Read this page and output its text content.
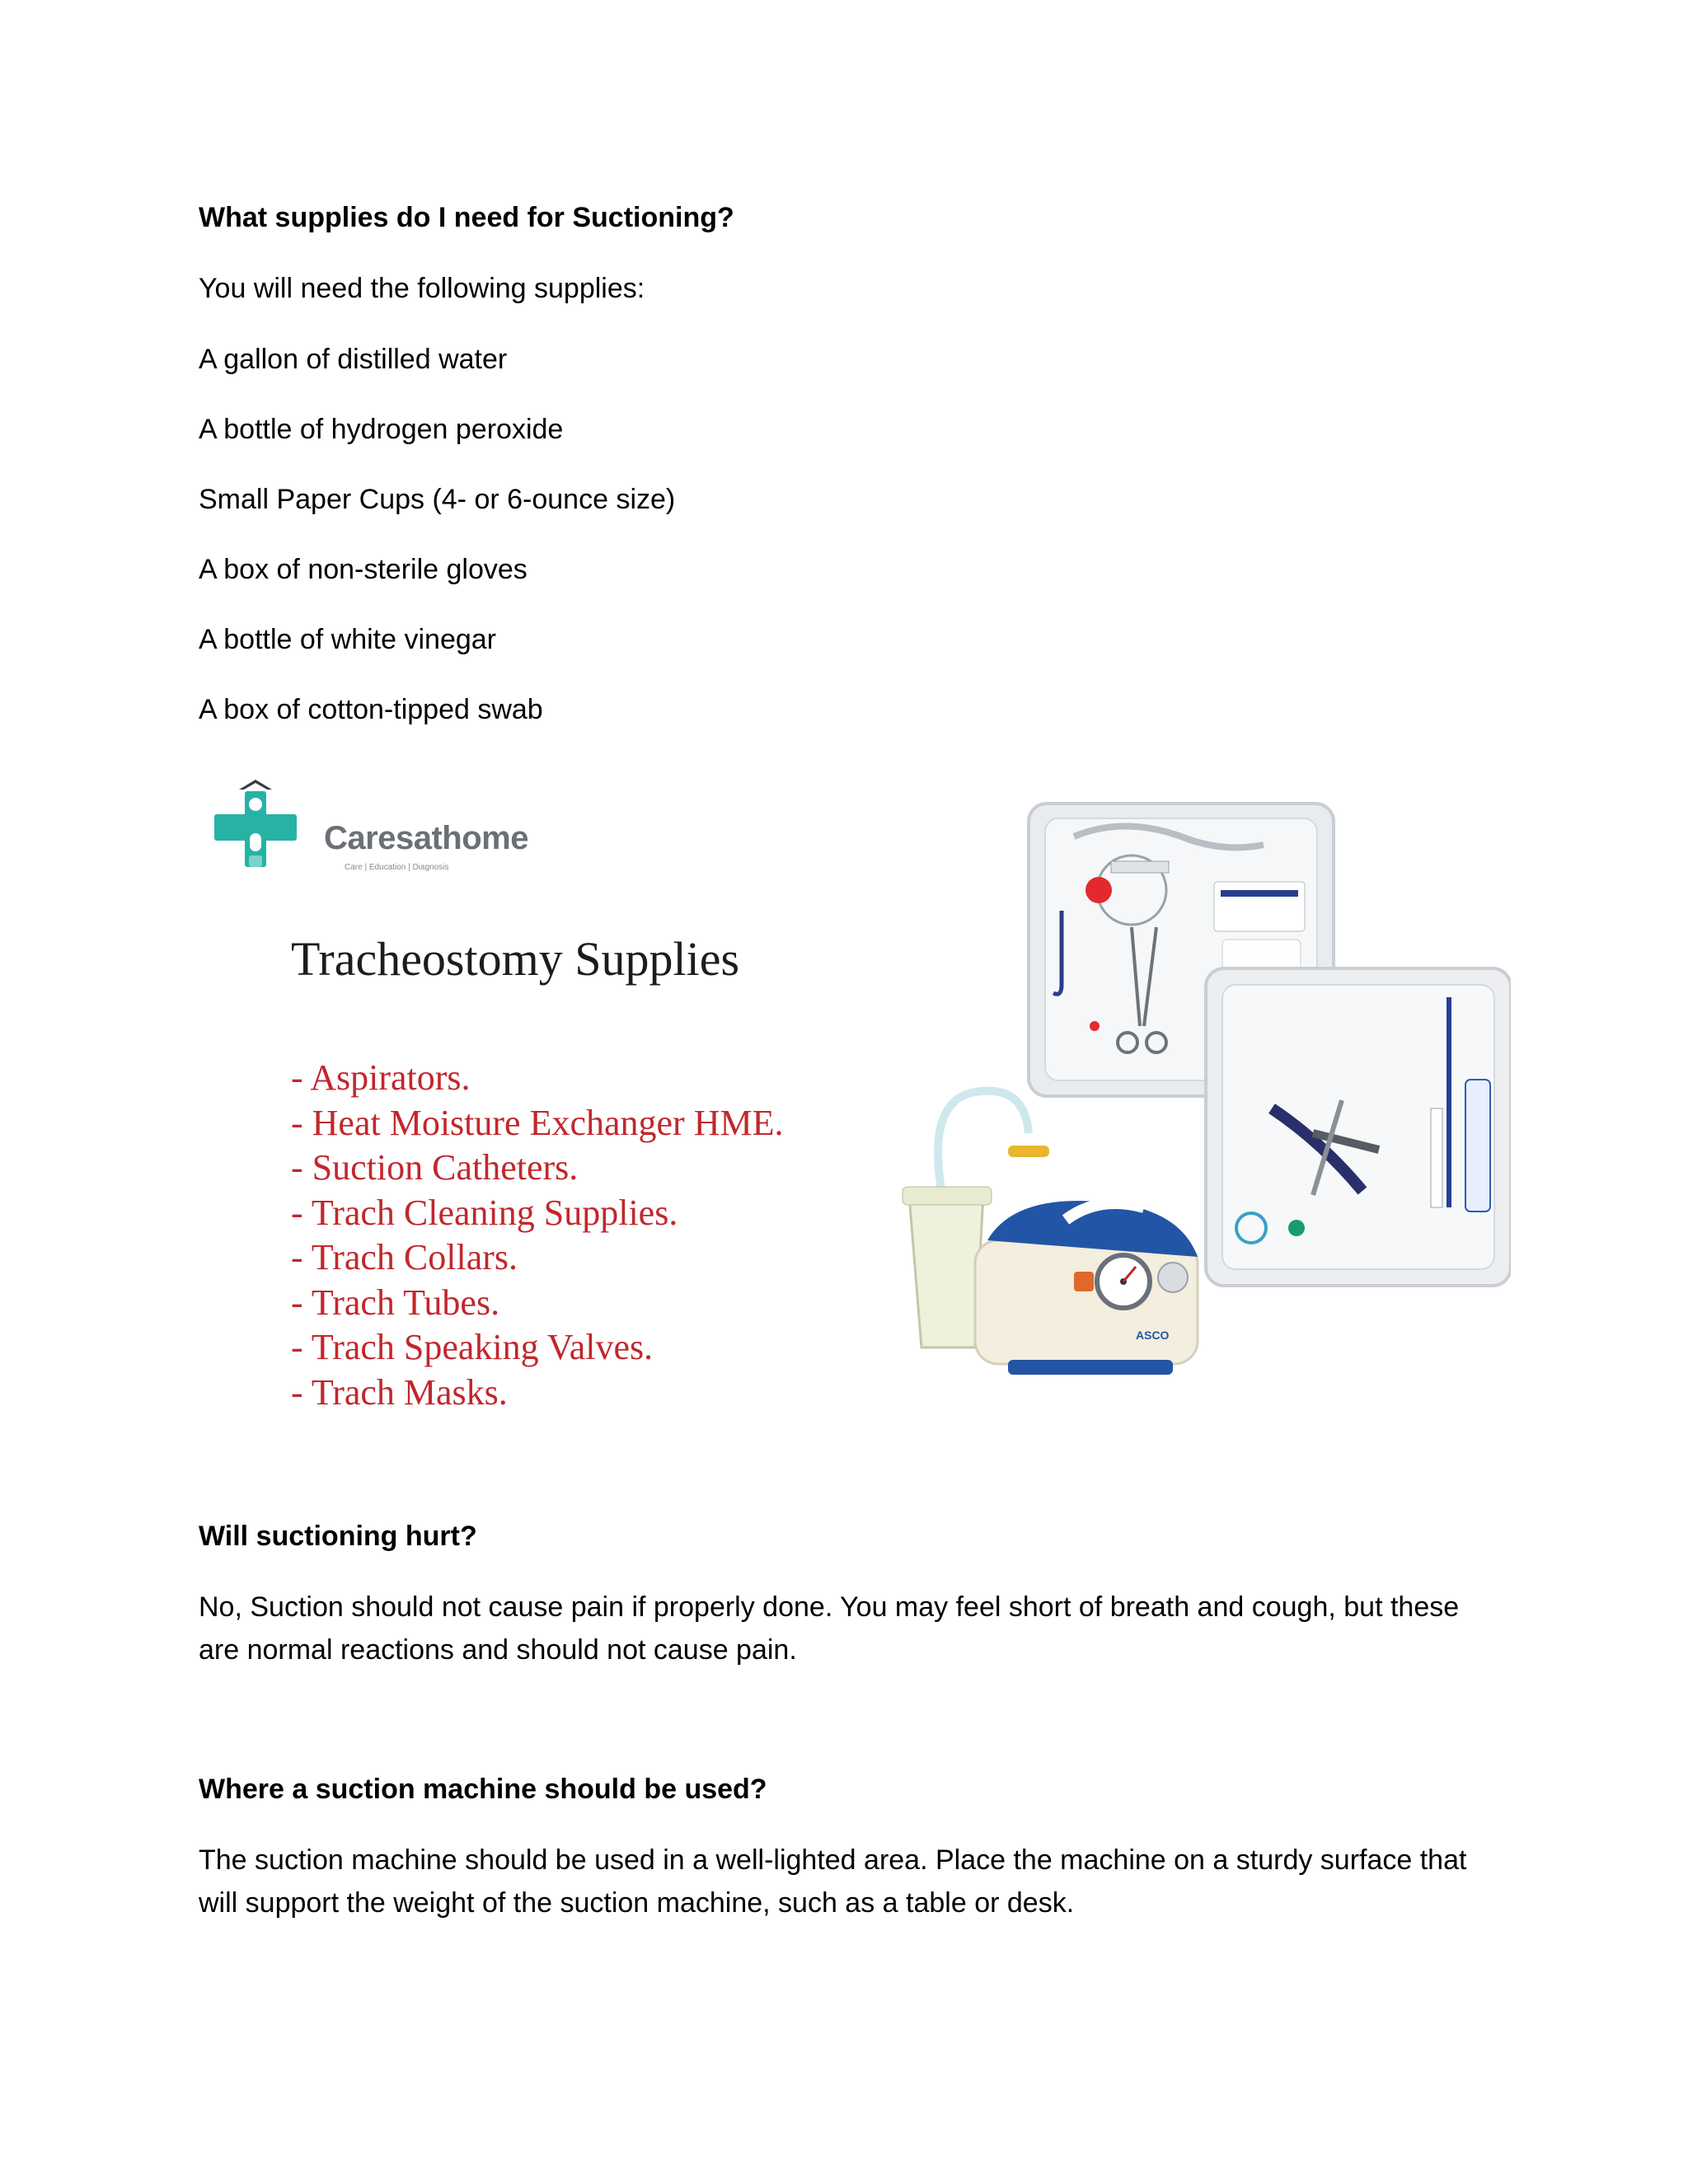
What supplies do I need for Suctioning?
You will need the following supplies:
A gallon of distilled water
A bottle of hydrogen peroxide
Small Paper Cups (4- or 6-ounce size)
A box of non-sterile gloves
A bottle of white vinegar
A box of cotton-tipped swab
Caresathome
Care | Education | Diagnosis
Tracheostomy Supplies
- Aspirators.
- Heat Moisture Exchanger HME.
- Suction Catheters.
- Trach Cleaning Supplies.
- Trach Collars.
- Trach Tubes.
- Trach Speaking Valves.
- Trach Masks.
ASCO
Will suctioning hurt?
No, Suction should not cause pain if properly done. You may feel short of breath and cough, but these are normal reactions and should not cause pain.
Where a suction machine should be used?
The suction machine should be used in a well-lighted area. Place the machine on a sturdy surface that will support the weight of the suction machine, such as a table or desk.
